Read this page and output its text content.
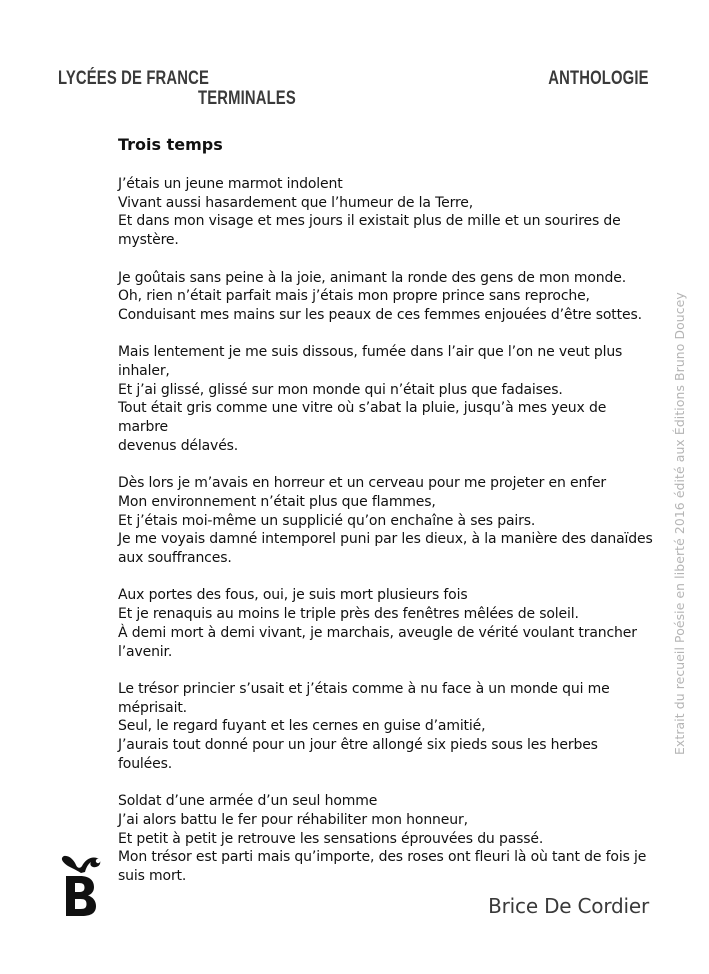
LYCÉES DE FRANCE
TERMINALES
ANTHOLOGIE
Trois temps
J’étais un jeune marmot indolent
Vivant aussi hasardement que l’humeur de la Terre,
Et dans mon visage et mes jours il existait plus de mille et un sourires de
mystère.
Je goûtais sans peine à la joie, animant la ronde des gens de mon monde.
Oh, rien n’était parfait mais j’étais mon propre prince sans reproche,
Conduisant mes mains sur les peaux de ces femmes enjouées d’être sottes.
Mais lentement je me suis dissous, fumée dans l’air que l’on ne veut plus
inhaler,
Et j’ai glissé, glissé sur mon monde qui n’était plus que fadaises.
Tout était gris comme une vitre où s’abat la pluie, jusqu’à mes yeux de marbre
devenus délavés.
Dès lors je m’avais en horreur et un cerveau pour me projeter en enfer
Mon environnement n’était plus que flammes,
Et j’étais moi-même un supplicié qu’on enchaîne à ses pairs.
Je me voyais damné intemporel puni par les dieux, à la manière des danaïdes
aux souffrances.
Aux portes des fous, oui, je suis mort plusieurs fois
Et je renaquis au moins le triple près des fenêtres mêlées de soleil.
À demi mort à demi vivant, je marchais, aveugle de vérité voulant trancher
l’avenir.
Le trésor princier s’usait et j’étais comme à nu face à un monde qui me
méprisait.
Seul, le regard fuyant et les cernes en guise d’amitié,
J’aurais tout donné pour un jour être allongé six pieds sous les herbes foulées.
Soldat d’une armée d’un seul homme
J’ai alors battu le fer pour réhabiliter mon honneur,
Et petit à petit je retrouve les sensations éprouvées du passé.
Mon trésor est parti mais qu’importe, des roses ont fleuri là où tant de fois je
suis mort.
Extrait du recueil Poésie en liberté 2016 édité aux Éditions Bruno Doucey
Brice De Cordier
